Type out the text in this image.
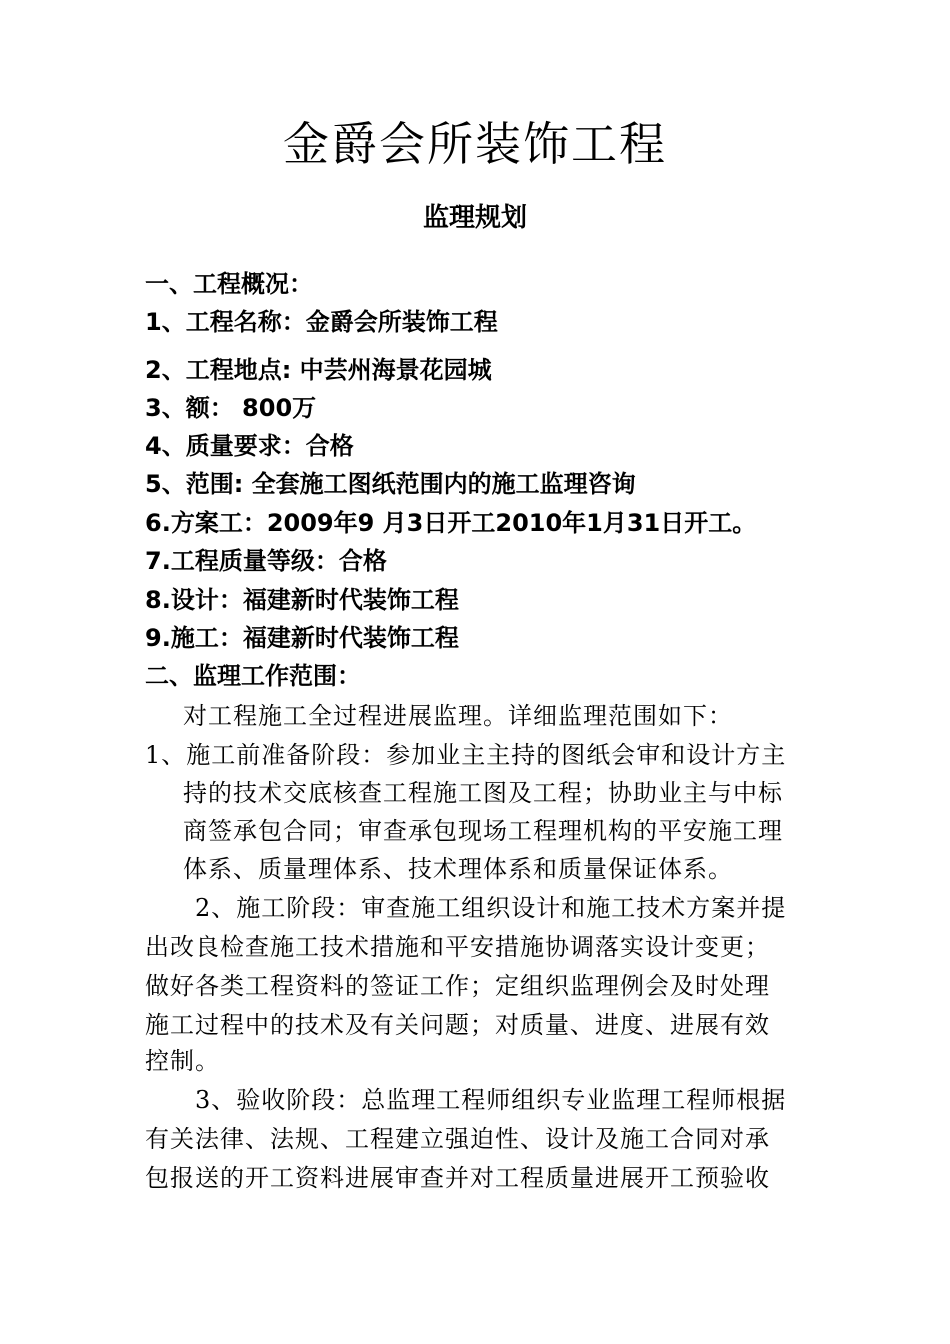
金爵会所装饰工程
监理规划
一、工程概况：
1、工程名称：金爵会所装饰工程
2、工程地点: 中芸州海景花园城
3、额： 800万
4、质量要求：合格
5、范围: 全套施工图纸范围内的施工监理咨询
6.方案工：2009年9 月3日开工2010年1月31日开工。
7.工程质量等级：合格
8.设计：福建新时代装饰工程
9.施工：福建新时代装饰工程
二、监理工作范围：
对工程施工全过程进展监理。详细监理范围如下：
1、施工前准备阶段：参加业主主持的图纸会审和设计方主
持的技术交底核查工程施工图及工程；协助业主与中标
商签承包合同；审查承包现场工程理机构的平安施工理
体系、质量理体系、技术理体系和质量保证体系。
2、施工阶段：审查施工组织设计和施工技术方案并提
出改良检查施工技术措施和平安措施协调落实设计变更；
做好各类工程资料的签证工作；定组织监理例会及时处理
施工过程中的技术及有关问题；对质量、进度、进展有效
控制。
3、验收阶段：总监理工程师组织专业监理工程师根据
有关法律、法规、工程建立强迫性、设计及施工合同对承
包报送的开工资料进展审查并对工程质量进展开工预验收
